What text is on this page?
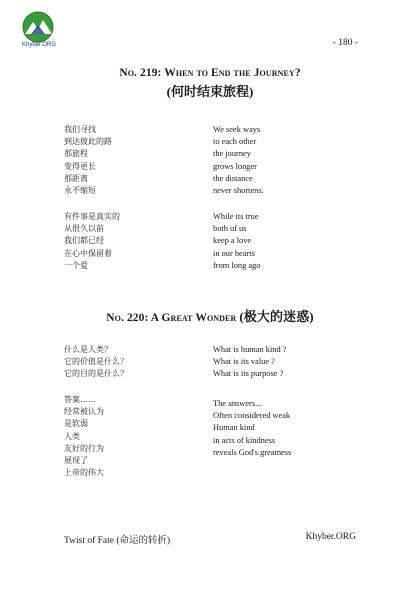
Khyber.ORG	- 180 -
No. 219: When to End the Journey?
(何时结束旅程)
我们寻找
到达彼此的路
那旅程
变得更长
那距离
永不缩短
We seek ways
to each other
the journey
grows longer
the distance
never shortens.
有件事是真实的
从很久以前
我们都已经
在心中保留着
一个爱
While its true
both of us
keep a love
in our hearts
from long ago
No. 220: A Great Wonder (极大的迷惑)
什么是人类？
它的价值是什么？
它的目的是什么？
What is human kind ?
What is its value ?
What is its purpose ?
答案……
经常被认为
是软弱
人类
友好的行为
展现了
上帝的伟大
The answers...
Often considered weak
Human kind
in acts of kindness
reveals God's greatness
Twist of Fate (命运的转折)	Khyber.ORG
